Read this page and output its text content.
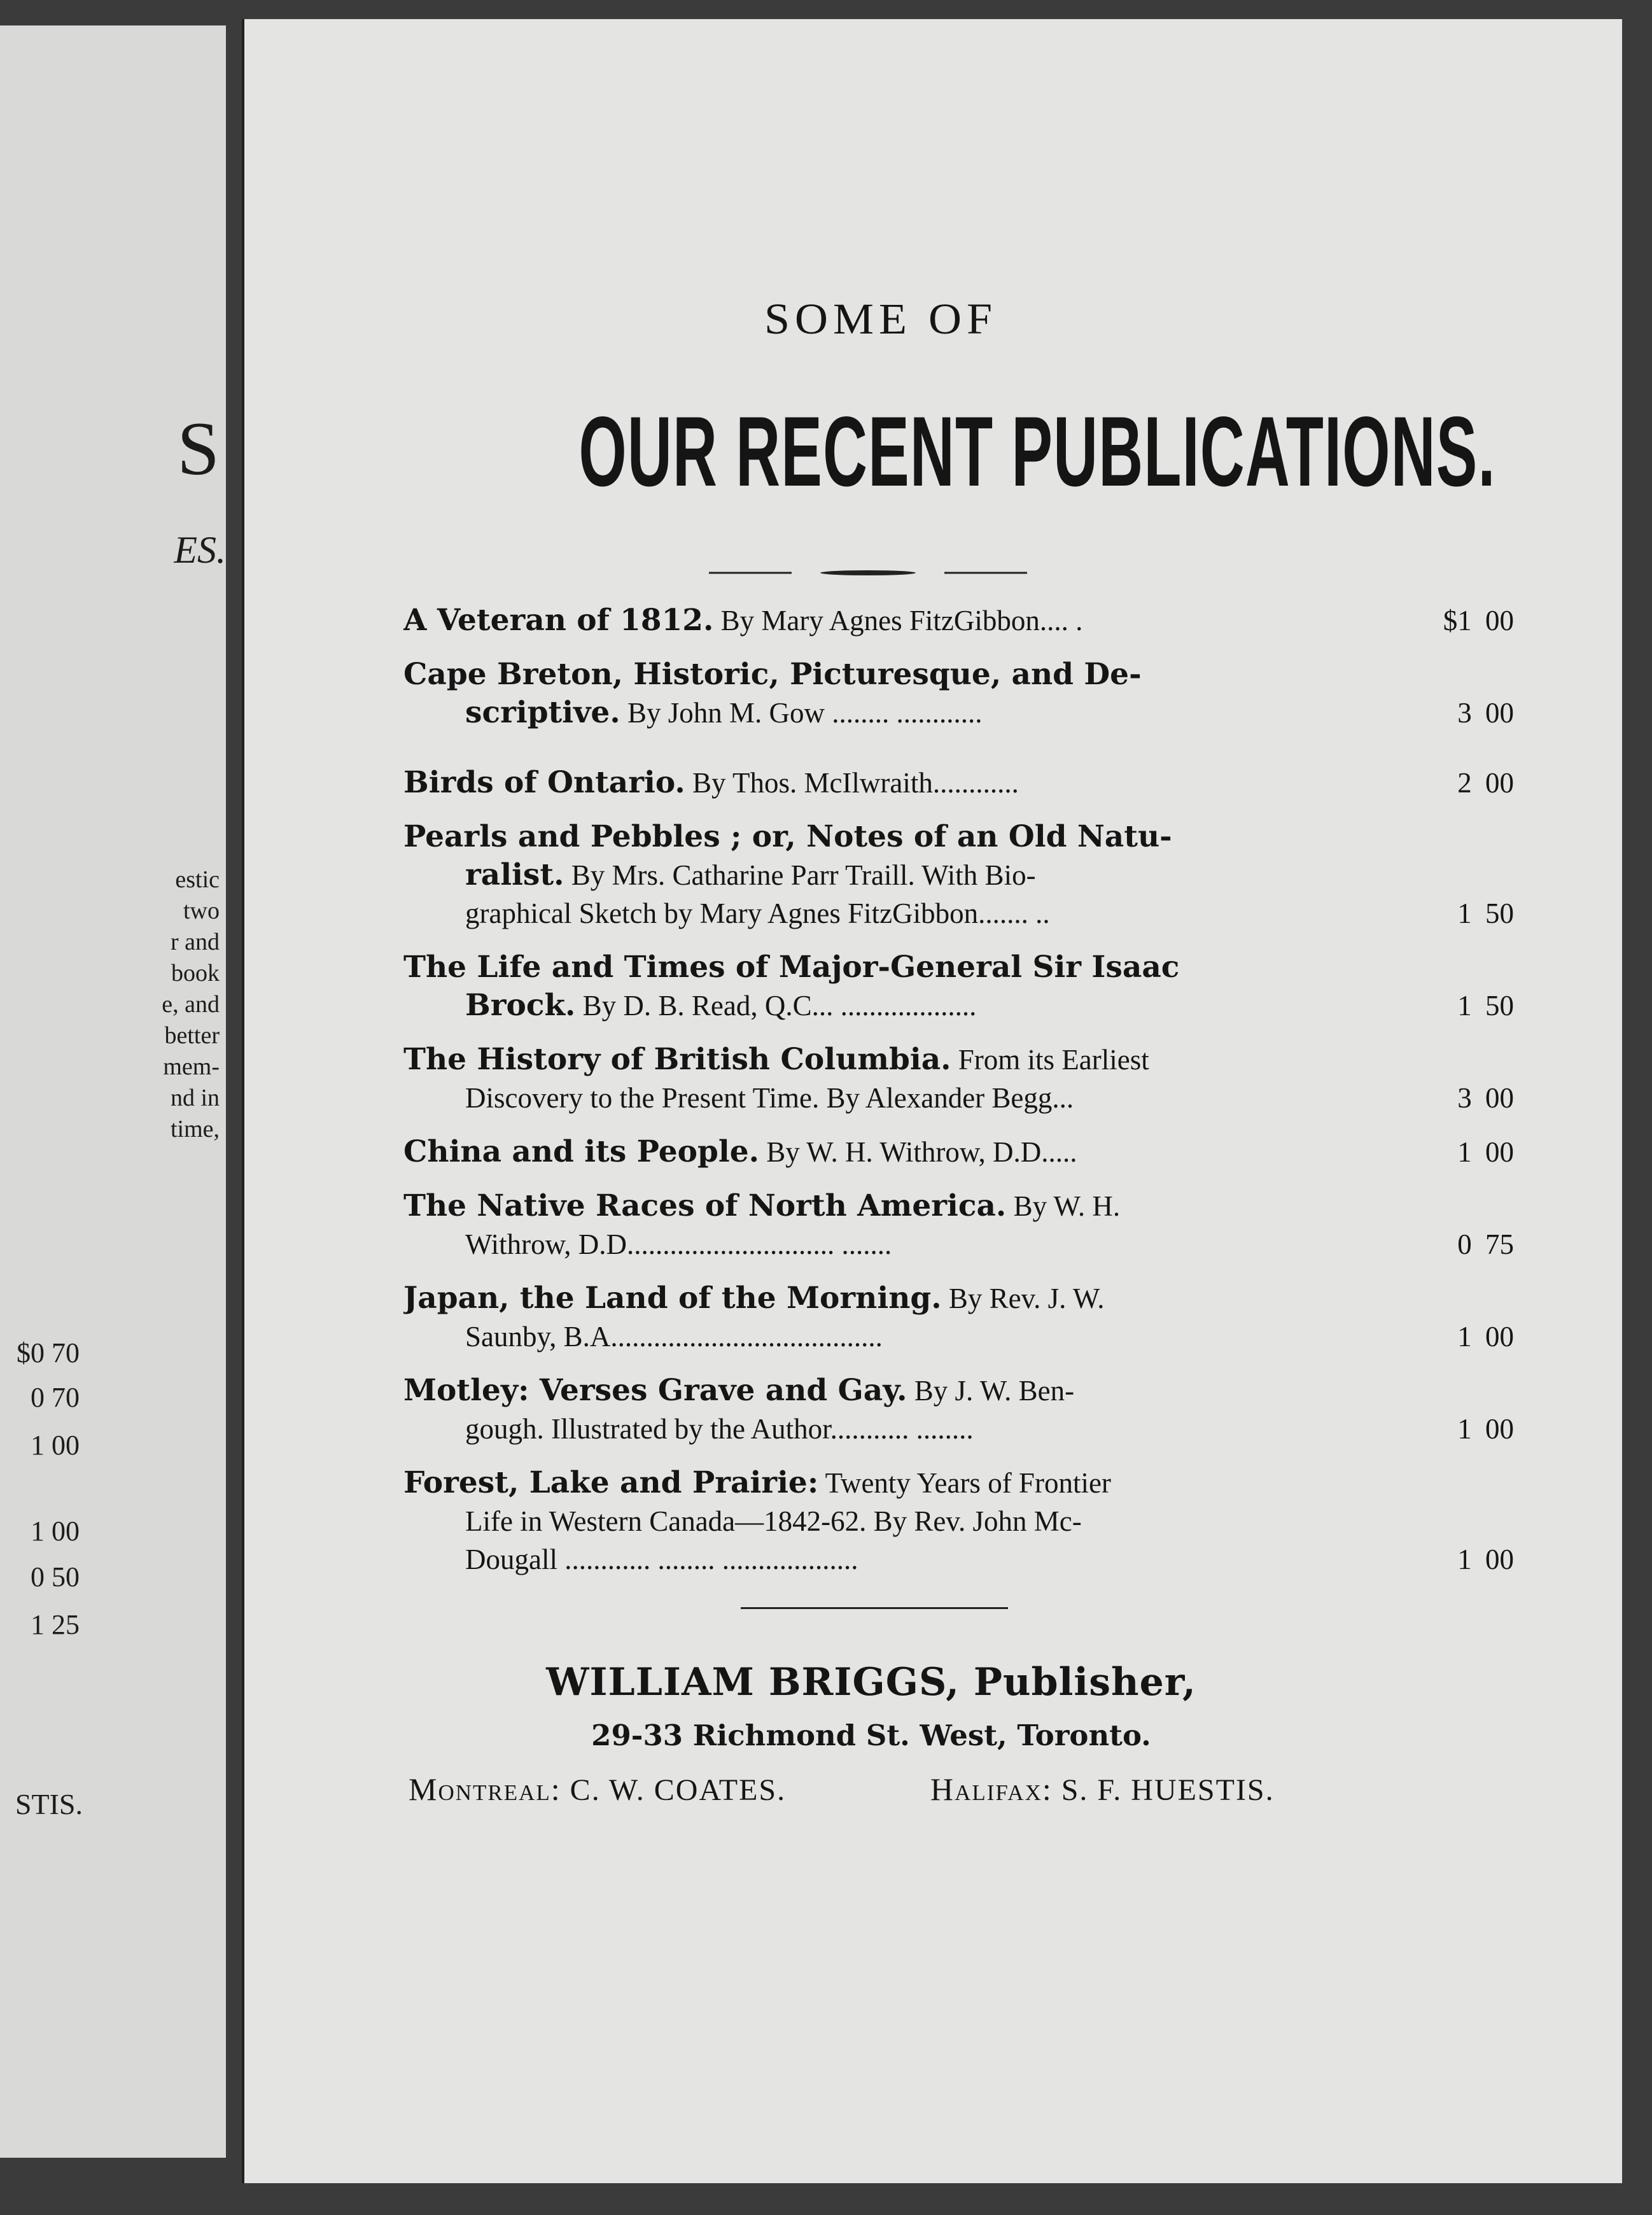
S
ES.
estic
two
r and
book
e, and
better
mem-
nd in
time,
$0 70
0 70
1 00
1 00
0 50
1 25
STIS.
SOME OF
OUR RECENT PUBLICATIONS.
A Veteran of 1812. By Mary Agnes FitzGibbon.... .	$1 00
Cape Breton, Historic, Picturesque, and De-
scriptive. By John M. Gow ........ ............	3 00
Birds of Ontario. By Thos. McIlwraith............	2 00
Pearls and Pebbles ; or, Notes of an Old Natu-
ralist. By Mrs. Catharine Parr Traill. With Bio-
graphical Sketch by Mary Agnes FitzGibbon....... ..	1 50
The Life and Times of Major-General Sir Isaac
Brock. By D. B. Read, Q.C... ...................	1 50
The History of British Columbia. From its Earliest
Discovery to the Present Time. By Alexander Begg...	3 00
China and its People. By W. H. Withrow, D.D.....	1 00
The Native Races of North America. By W. H.
Withrow, D.D............................. .......	0 75
Japan, the Land of the Morning. By Rev. J. W.
Saunby, B.A......................................	1 00
Motley: Verses Grave and Gay. By J. W. Ben-
gough. Illustrated by the Author........... ........	1 00
Forest, Lake and Prairie: Twenty Years of Frontier
Life in Western Canada—1842-62. By Rev. John Mc-
Dougall ............ ........ ...................	1 00
WILLIAM BRIGGS, Publisher,
29-33 Richmond St. West, Toronto.
Montreal: C. W. COATES.	Halifax: S. F. HUESTIS.
